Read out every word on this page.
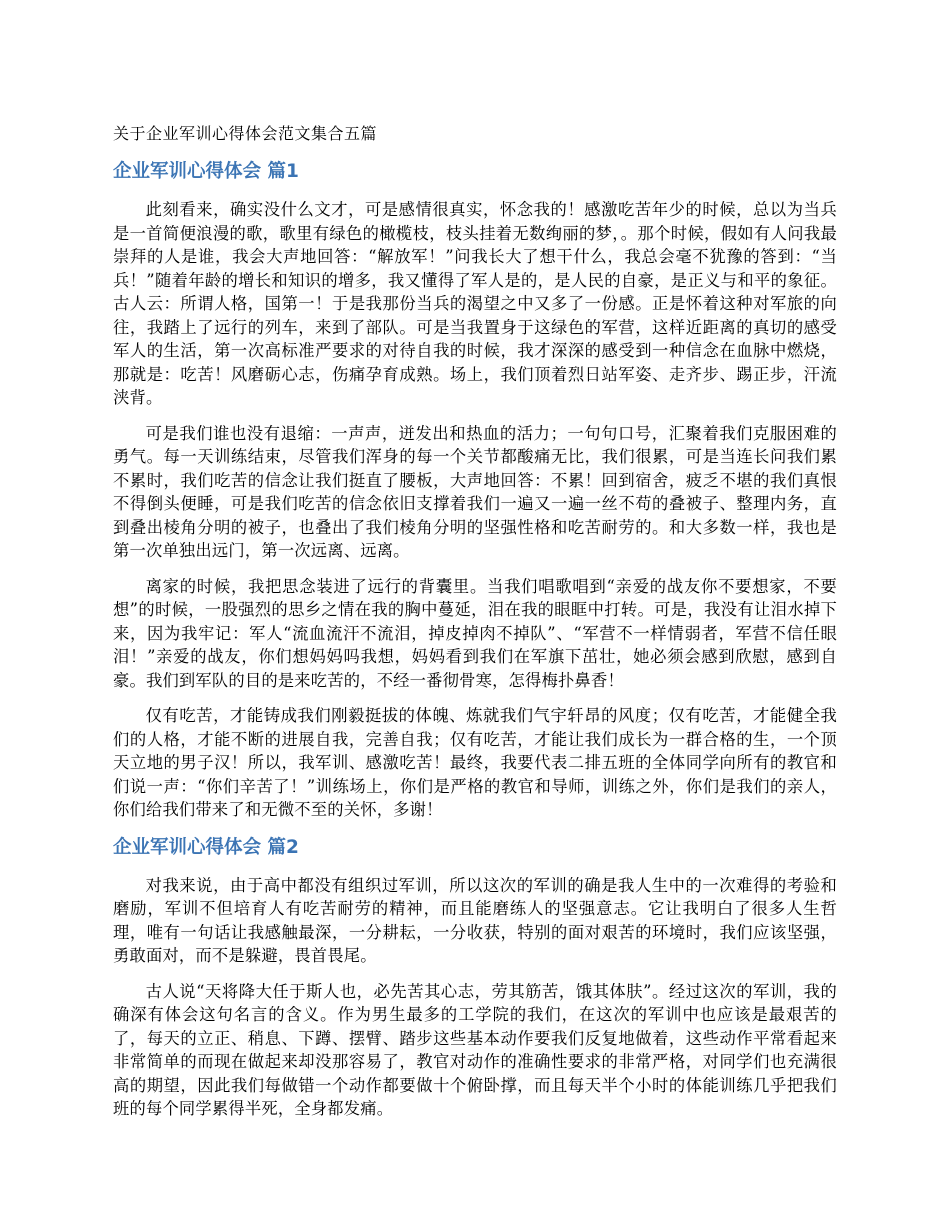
关于企业军训心得体会范文集合五篇
企业军训心得体会 篇1

此刻看来，确实没什么文才，可是感情很真实，怀念我的！感激吃苦年少的时候，总以为当兵是一首简便浪漫的歌，歌里有绿色的橄榄枝，枝头挂着无数绚丽的梦，。那个时候，假如有人问我最崇拜的人是谁，我会大声地回答：“解放军！”问我长大了想干什么，我总会毫不犹豫的答到：“当兵！”随着年龄的增长和知识的增多，我又懂得了军人是的，是人民的自豪，是正义与和平的象征。古人云：所谓人格，国第一！于是我那份当兵的渴望之中又多了一份感。正是怀着这种对军旅的向往，我踏上了远行的列车，来到了部队。可是当我置身于这绿色的军营，这样近距离的真切的感受军人的生活，第一次高标准严要求的对待自我的时候，我才深深的感受到一种信念在血脉中燃烧，那就是：吃苦！风磨砺心志，伤痛孕育成熟。场上，我们顶着烈日站军姿、走齐步、踢正步，汗流浃背。

可是我们谁也没有退缩：一声声，迸发出和热血的活力；一句句口号，汇聚着我们克服困难的勇气。每一天训练结束，尽管我们浑身的每一个关节都酸痛无比，我们很累，可是当连长问我们累不累时，我们吃苦的信念让我们挺直了腰板，大声地回答：不累！回到宿舍，疲乏不堪的我们真恨不得倒头便睡，可是我们吃苦的信念依旧支撑着我们一遍又一遍一丝不苟的叠被子、整理内务，直到叠出棱角分明的被子，也叠出了我们棱角分明的坚强性格和吃苦耐劳的。和大多数一样，我也是第一次单独出远门，第一次远离、远离。

离家的时候，我把思念装进了远行的背囊里。当我们唱歌唱到“亲爱的战友你不要想家，不要想”的时候，一股强烈的思乡之情在我的胸中蔓延，泪在我的眼眶中打转。可是，我没有让泪水掉下来，因为我牢记：军人“流血流汗不流泪，掉皮掉肉不掉队”、“军营不一样情弱者，军营不信任眼泪！”亲爱的战友，你们想妈妈吗我想，妈妈看到我们在军旗下茁壮，她必须会感到欣慰，感到自豪。我们到军队的目的是来吃苦的，不经一番彻骨寒，怎得梅扑鼻香！

仅有吃苦，才能铸成我们刚毅挺拔的体魄、炼就我们气宇轩昂的风度；仅有吃苦，才能健全我们的人格，才能不断的进展自我，完善自我；仅有吃苦，才能让我们成长为一群合格的生，一个顶天立地的男子汉！所以，我军训、感激吃苦！最终，我要代表二排五班的全体同学向所有的教官和们说一声：“你们辛苦了！”训练场上，你们是严格的教官和导师，训练之外，你们是我们的亲人，你们给我们带来了和无微不至的关怀，多谢！

企业军训心得体会 篇2

对我来说，由于高中都没有组织过军训，所以这次的军训的确是我人生中的一次难得的考验和磨励，军训不但培育人有吃苦耐劳的精神，而且能磨练人的坚强意志。它让我明白了很多人生哲理，唯有一句话让我感触最深，一分耕耘，一分收获，特别的面对艰苦的环境时，我们应该坚强，勇敢面对，而不是躲避，畏首畏尾。

古人说“天将降大任于斯人也，必先苦其心志，劳其筋苦，饿其体肤”。经过这次的军训，我的确深有体会这句名言的含义。作为男生最多的工学院的我们，在这次的军训中也应该是最艰苦的了，每天的立正、稍息、下蹲、摆臂、踏步这些基本动作要我们反复地做着，这些动作平常看起来非常简单的而现在做起来却没那容易了，教官对动作的准确性要求的非常严格，对同学们也充满很高的期望，因此我们每做错一个动作都要做十个俯卧撑，而且每天半个小时的体能训练几乎把我们班的每个同学累得半死，全身都发痛。
